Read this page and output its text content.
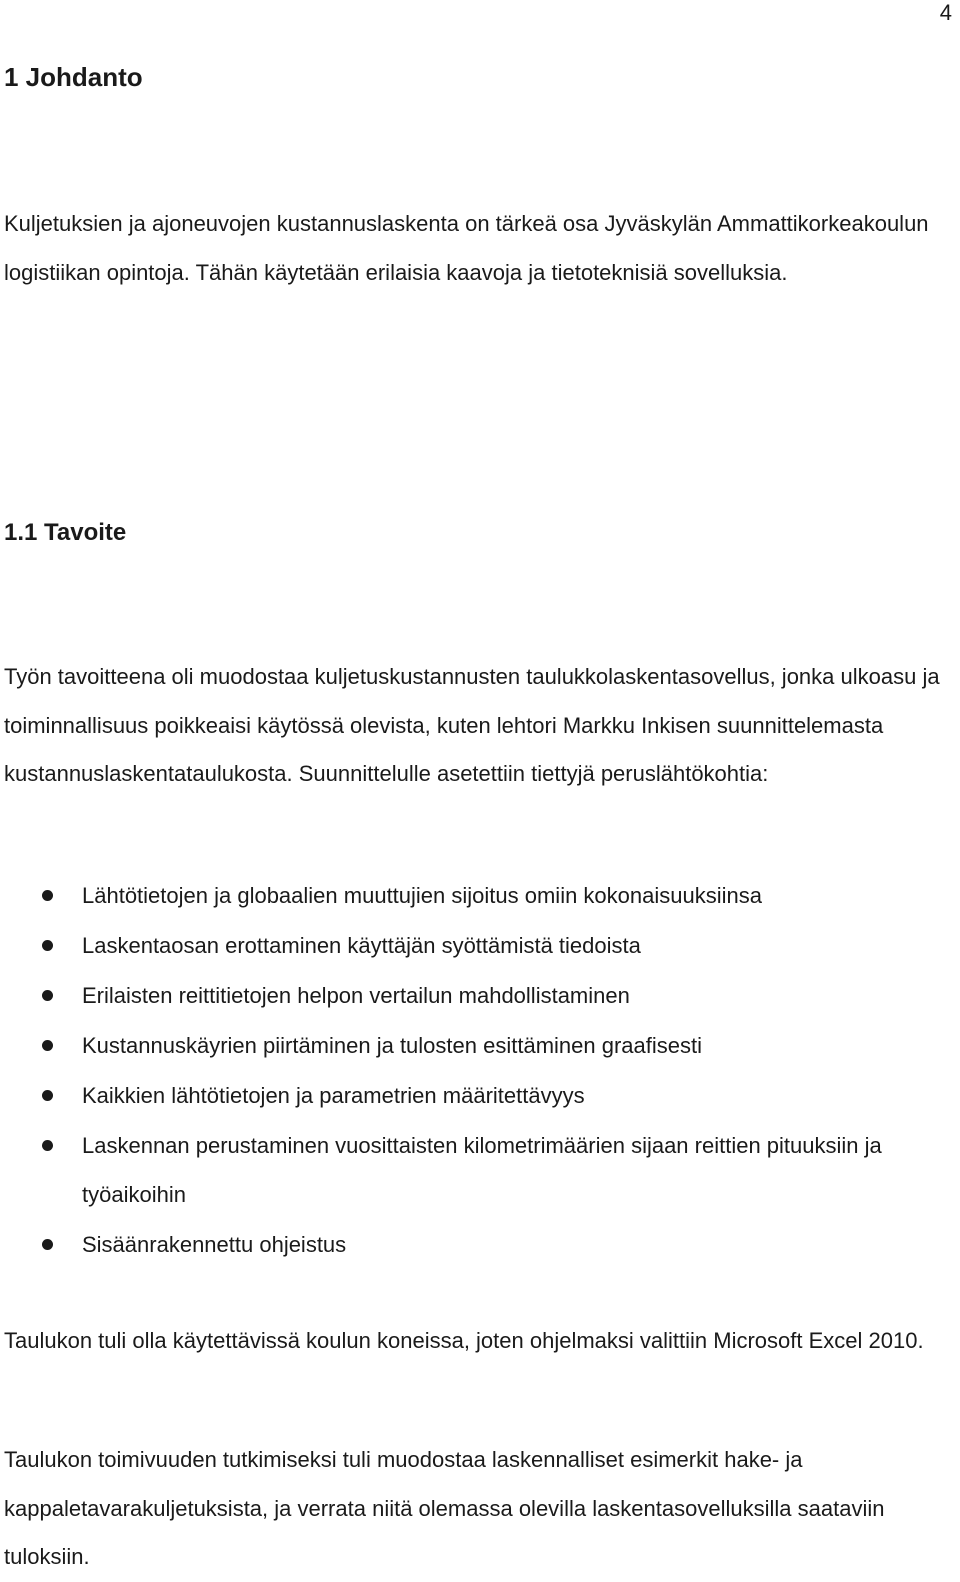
4
1 Johdanto

Kuljetuksien ja ajoneuvojen kustannuslaskenta on tärkeä osa Jyväskylän Ammattikorkeakoulun logistiikan opintoja. Tähän käytetään erilaisia kaavoja ja tietoteknisiä sovelluksia.

1.1 Tavoite

Työn tavoitteena oli muodostaa kuljetuskustannusten taulukkolaskentasovellus, jonka ulkoasu ja toiminnallisuus poikkeaisi käytössä olevista, kuten lehtori Markku Inkisen suunnittelemasta kustannuslaskentataulukosta. Suunnittelulle asetettiin tiettyjä peruslähtökohtia:

Lähtötietojen ja globaalien muuttujien sijoitus omiin kokonaisuuksiinsa
Laskentaosan erottaminen käyttäjän syöttämistä tiedoista
Erilaisten reittitietojen helpon vertailun mahdollistaminen
Kustannuskäyrien piirtäminen ja tulosten esittäminen graafisesti
Kaikkien lähtötietojen ja parametrien määritettävyys
Laskennan perustaminen vuosittaisten kilometrimäärien sijaan reittien pituuksiin ja työaikoihin
Sisäänrakennettu ohjeistus

Taulukon tuli olla käytettävissä koulun koneissa, joten ohjelmaksi valittiin Microsoft Excel 2010.

Taulukon toimivuuden tutkimiseksi tuli muodostaa laskennalliset esimerkit hake- ja kappaletavarakuljetuksista, ja verrata niitä olemassa olevilla laskentasovelluksilla saataviin tuloksiin.
